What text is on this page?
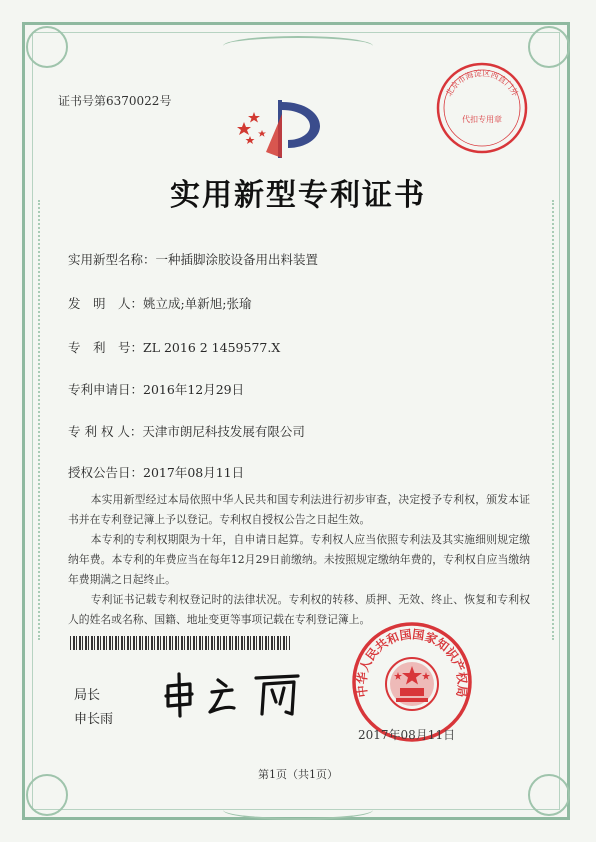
证书号第6370022号
北京市海淀区西直门外
代扣专用章
实用新型专利证书
实用新型名称：一种插脚涂胶设备用出料装置
发　明　人：姚立成;单新旭;张瑜
专　利　号：ZL 2016 2 1459577.X
专利申请日：2016年12月29日
专 利 权 人：天津市朗尼科技发展有限公司
授权公告日：2017年08月11日
本实用新型经过本局依照中华人民共和国专利法进行初步审查，决定授予专利权，颁发本证书并在专利登记簿上予以登记。专利权自授权公告之日起生效。
本专利的专利权期限为十年，自申请日起算。专利权人应当依照专利法及其实施细则规定缴纳年费。本专利的年费应当在每年12月29日前缴纳。未按照规定缴纳年费的，专利权自应当缴纳年费期满之日起终止。
专利证书记载专利权登记时的法律状况。专利权的转移、质押、无效、终止、恢复和专利权人的姓名或名称、国籍、地址变更等事项记载在专利登记簿上。
局长
申长雨
中华人民共和国国家知识产权局
2017年08月11日
第1页（共1页）
